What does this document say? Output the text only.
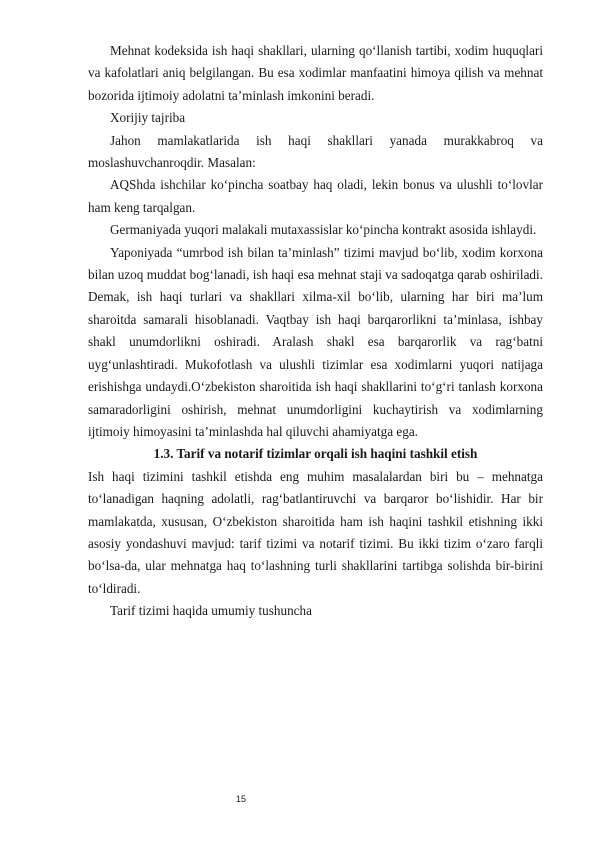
Mehnat kodeksida ish haqi shakllari, ularning qo‘llanish tartibi, xodim huquqlari va kafolatlari aniq belgilangan. Bu esa xodimlar manfaatini himoya qilish va mehnat bozorida ijtimoiy adolatni ta’minlash imkonini beradi.

Xorijiy tajriba

Jahon mamlakatlarida ish haqi shakllari yanada murakkabroq va moslashuvchanroqdir. Masalan:

AQShda ishchilar ko‘pincha soatbay haq oladi, lekin bonus va ulushli to‘lovlar ham keng tarqalgan.

Germaniyada yuqori malakali mutaxassislar ko‘pincha kontrakt asosida ishlaydi.

Yaponiyada “umrbod ish bilan ta’minlash” tizimi mavjud bo‘lib, xodim korxona bilan uzoq muddat bog‘lanadi, ish haqi esa mehnat staji va sadoqatga qarab oshiriladi. Demak, ish haqi turlari va shakllari xilma-xil bo‘lib, ularning har biri ma’lum sharoitda samarali hisoblanadi. Vaqtbay ish haqi barqarorlikni ta’minlasa, ishbay shakl unumdorlikni oshiradi. Aralash shakl esa barqarorlik va rag‘batni uyg‘unlashtiradi. Mukofotlash va ulushli tizimlar esa xodimlarni yuqori natijaga erishishga undaydi.O‘zbekiston sharoitida ish haqi shakllarini to‘g‘ri tanlash korxona samaradorligini oshirish, mehnat unumdorligini kuchaytirish va xodimlarning ijtimoiy himoyasini ta’minlashda hal qiluvchi ahamiyatga ega.

1.3. Tarif va notarif tizimlar orqali ish haqini tashkil etish

Ish haqi tizimini tashkil etishda eng muhim masalalardan biri bu – mehnatga to‘lanadigan haqning adolatli, rag‘batlantiruvchi va barqaror bo‘lishidir. Har bir mamlakatda, xususan, O‘zbekiston sharoitida ham ish haqini tashkil etishning ikki asosiy yondashuvi mavjud: tarif tizimi va notarif tizimi. Bu ikki tizim o‘zaro farqli bo‘lsa-da, ular mehnatga haq to‘lashning turli shakllarini tartibga solishda bir-birini to‘ldiradi.

Tarif tizimi haqida umumiy tushuncha

15
